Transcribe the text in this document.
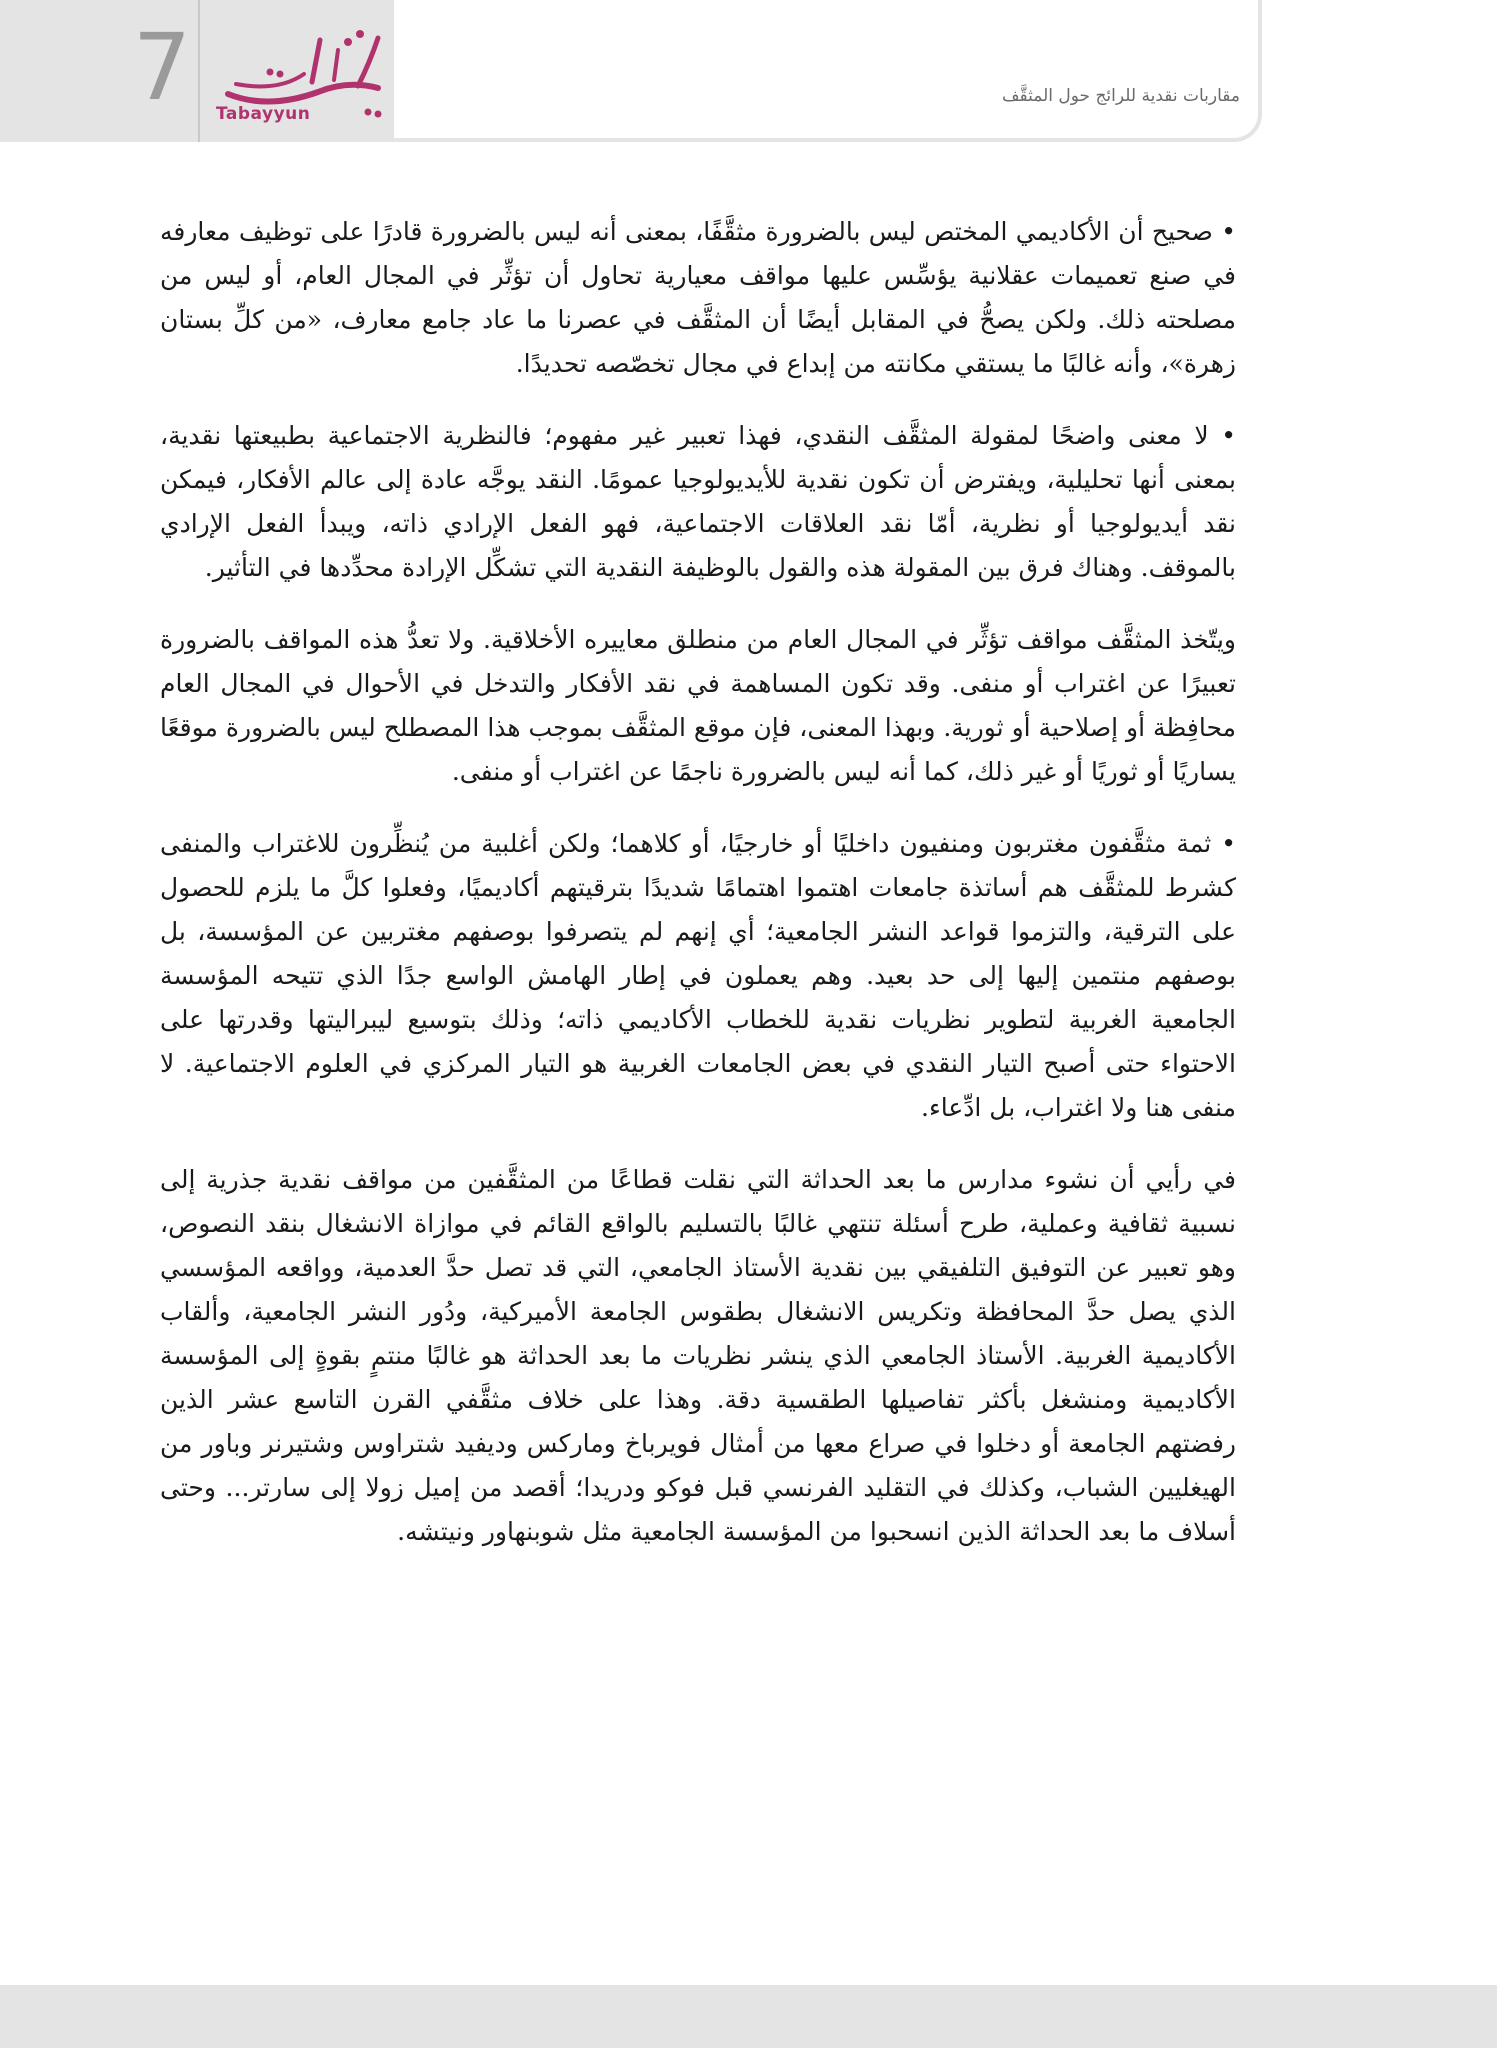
7 Tabayyun
مقاربات نقدية للرائج حول المثقَّف

• صحيح أن الأكاديمي المختص ليس بالضرورة مثقَّفًا، بمعنى أنه ليس بالضرورة قادرًا على توظيف معارفه في صنع تعميمات عقلانية يؤسِّس عليها مواقف معيارية تحاول أن تؤثِّر في المجال العام، أو ليس من مصلحته ذلك. ولكن يصحُّ في المقابل أيضًا أن المثقَّف في عصرنا ما عاد جامع معارف، «من كلِّ بستان زهرة»، وأنه غالبًا ما يستقي مكانته من إبداع في مجال تخصّصه تحديدًا.

• لا معنى واضحًا لمقولة المثقَّف النقدي، فهذا تعبير غير مفهوم؛ فالنظرية الاجتماعية بطبيعتها نقدية، بمعنى أنها تحليلية، ويفترض أن تكون نقدية للأيديولوجيا عمومًا. النقد يوجَّه عادة إلى عالم الأفكار، فيمكن نقد أيديولوجيا أو نظرية، أمّا نقد العلاقات الاجتماعية، فهو الفعل الإرادي ذاته، ويبدأ الفعل الإرادي بالموقف. وهناك فرق بين المقولة هذه والقول بالوظيفة النقدية التي تشكِّل الإرادة محدِّدها في التأثير.

ويتّخذ المثقَّف مواقف تؤثِّر في المجال العام من منطلق معاييره الأخلاقية. ولا تعدُّ هذه المواقف بالضرورة تعبيرًا عن اغتراب أو منفى. وقد تكون المساهمة في نقد الأفكار والتدخل في الأحوال في المجال العام محافِظة أو إصلاحية أو ثورية. وبهذا المعنى، فإن موقع المثقَّف بموجب هذا المصطلح ليس بالضرورة موقعًا يساريًا أو ثوريًا أو غير ذلك، كما أنه ليس بالضرورة ناجمًا عن اغتراب أو منفى.

• ثمة مثقَّفون مغتربون ومنفيون داخليًا أو خارجيًا، أو كلاهما؛ ولكن أغلبية من يُنظِّرون للاغتراب والمنفى كشرط للمثقَّف هم أساتذة جامعات اهتموا اهتمامًا شديدًا بترقيتهم أكاديميًا، وفعلوا كلَّ ما يلزم للحصول على الترقية، والتزموا قواعد النشر الجامعية؛ أي إنهم لم يتصرفوا بوصفهم مغتربين عن المؤسسة، بل بوصفهم منتمين إليها إلى حد بعيد. وهم يعملون في إطار الهامش الواسع جدًا الذي تتيحه المؤسسة الجامعية الغربية لتطوير نظريات نقدية للخطاب الأكاديمي ذاته؛ وذلك بتوسيع ليبراليتها وقدرتها على الاحتواء حتى أصبح التيار النقدي في بعض الجامعات الغربية هو التيار المركزي في العلوم الاجتماعية. لا منفى هنا ولا اغتراب، بل ادِّعاء.

في رأيي أن نشوء مدارس ما بعد الحداثة التي نقلت قطاعًا من المثقَّفين من مواقف نقدية جذرية إلى نسبية ثقافية وعملية، طرح أسئلة تنتهي غالبًا بالتسليم بالواقع القائم في موازاة الانشغال بنقد النصوص، وهو تعبير عن التوفيق التلفيقي بين نقدية الأستاذ الجامعي، التي قد تصل حدَّ العدمية، وواقعه المؤسسي الذي يصل حدَّ المحافظة وتكريس الانشغال بطقوس الجامعة الأميركية، ودُور النشر الجامعية، وألقاب الأكاديمية الغربية. الأستاذ الجامعي الذي ينشر نظريات ما بعد الحداثة هو غالبًا منتمٍ بقوةٍ إلى المؤسسة الأكاديمية ومنشغل بأكثر تفاصيلها الطقسية دقة. وهذا على خلاف مثقَّفي القرن التاسع عشر الذين رفضتهم الجامعة أو دخلوا في صراع معها من أمثال فويرباخ وماركس وديفيد شتراوس وشتيرنر وباور من الهيغليين الشباب، وكذلك في التقليد الفرنسي قبل فوكو ودريدا؛ أقصد من إميل زولا إلى سارتر... وحتى أسلاف ما بعد الحداثة الذين انسحبوا من المؤسسة الجامعية مثل شوبنهاور ونيتشه.
